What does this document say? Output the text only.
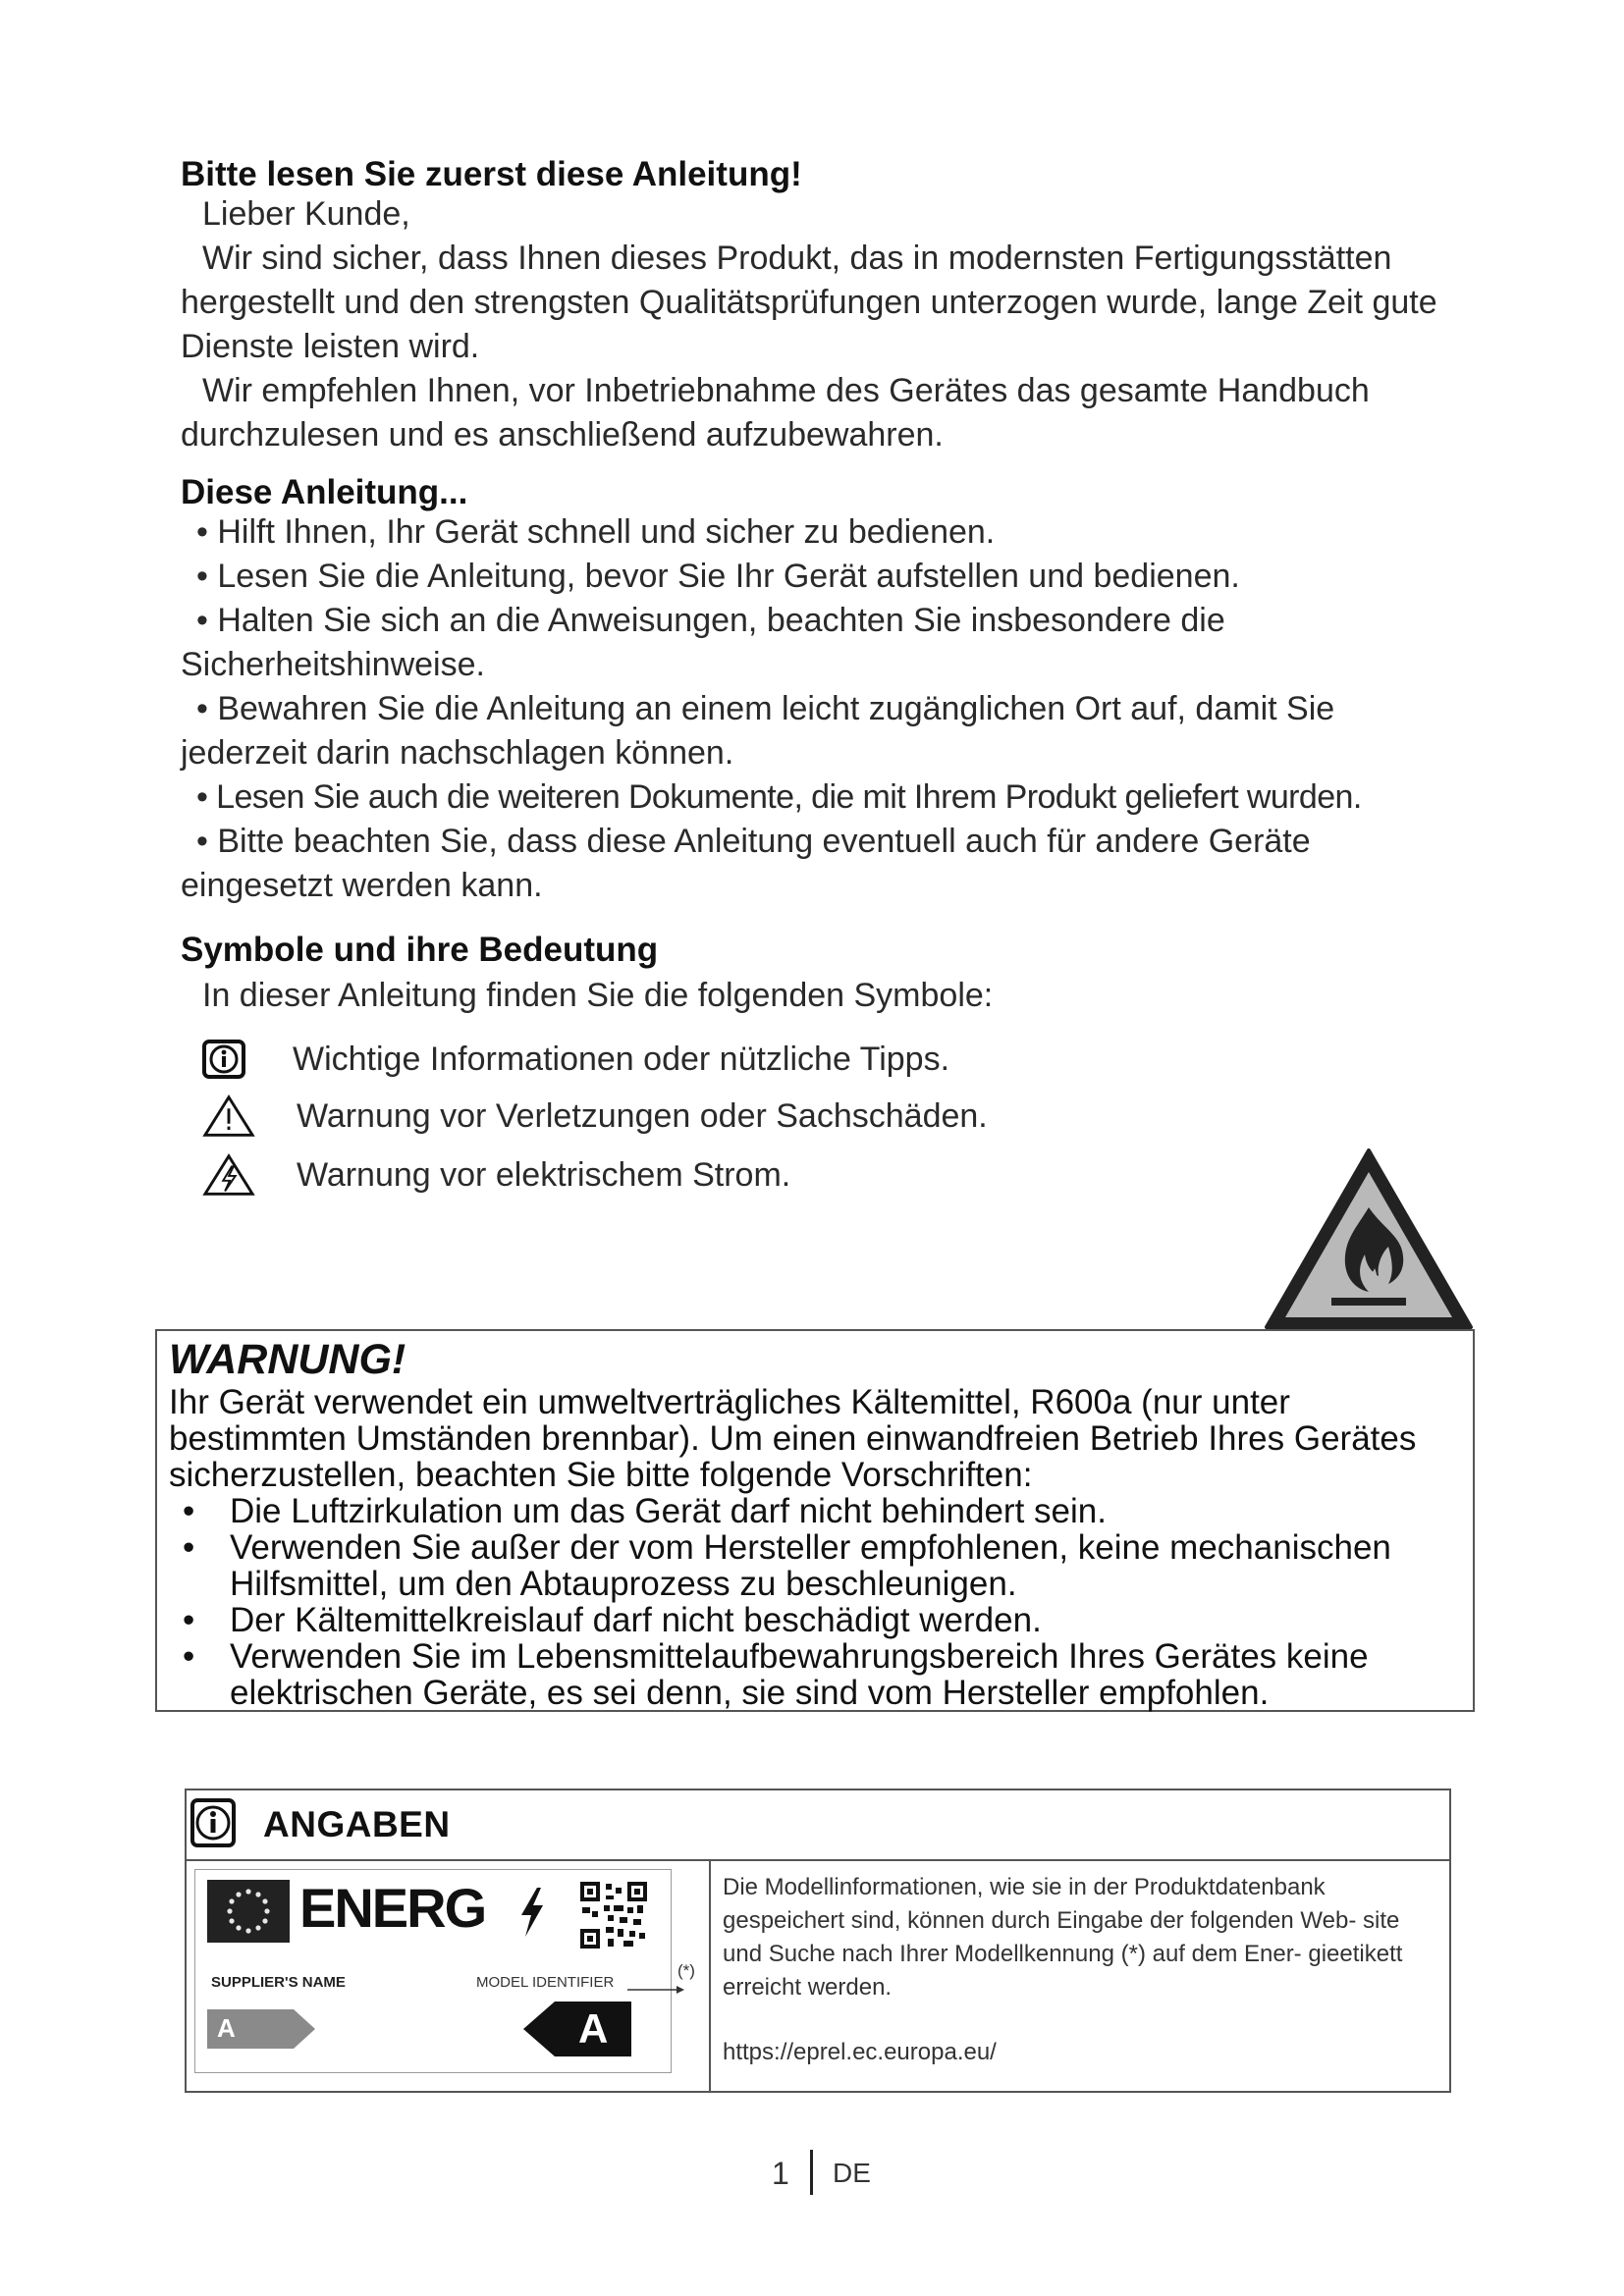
Bitte lesen Sie zuerst diese Anleitung!

Lieber Kunde,

Wir sind sicher, dass Ihnen dieses Produkt, das in modernsten Fertigungsstätten hergestellt und den strengsten Qualitätsprüfungen unterzogen wurde, lange Zeit gute Dienste leisten wird.

Wir empfehlen Ihnen, vor Inbetriebnahme des Gerätes das gesamte Handbuch durchzulesen und es anschließend aufzubewahren.

Diese Anleitung...

• Hilft Ihnen, Ihr Gerät schnell und sicher zu bedienen.

• Lesen Sie die Anleitung, bevor Sie Ihr Gerät aufstellen und bedienen.

• Halten Sie sich an die Anweisungen, beachten Sie insbesondere die Sicherheitshinweise.

• Bewahren Sie die Anleitung an einem leicht zugänglichen Ort auf, damit Sie jederzeit darin nachschlagen können.

• Lesen Sie auch die weiteren Dokumente, die mit Ihrem Produkt geliefert wurden.

• Bitte beachten Sie, dass diese Anleitung eventuell auch für andere Geräte eingesetzt werden kann.

Symbole und ihre Bedeutung

In dieser Anleitung finden Sie die folgenden Symbole:

Wichtige Informationen oder nützliche Tipps.
Warnung vor Verletzungen oder Sachschäden.
Warnung vor elektrischem Strom.
WARNUNG!

Ihr Gerät verwendet ein umweltverträgliches Kältemittel, R600a (nur unter bestimmten Umständen brennbar). Um einen einwandfreien Betrieb Ihres Gerätes sicherzustellen, beachten Sie bitte folgende Vorschriften:

• Die Luftzirkulation um das Gerät darf nicht behindert sein.
• Verwenden Sie außer der vom Hersteller empfohlenen, keine mechanischen Hilfsmittel, um den Abtauprozess zu beschleunigen.
• Der Kältemittelkreislauf darf nicht beschädigt werden.
• Verwenden Sie im Lebensmittelaufbewahrungsbereich Ihres Gerätes keine elektrischen Geräte, es sei denn, sie sind vom Hersteller empfohlen.
ANGABEN
ENERG
SUPPLIER'S NAME	MODEL IDENTIFIER
A	A
(*)

Die Modellinformationen, wie sie in der Produktdatenbank gespeichert sind, können durch Eingabe der folgenden Web- site und Suche nach Ihrer Modellkennung (*) auf dem Ener- gieetikett erreicht werden.

https://eprel.ec.europa.eu/

1 DE
